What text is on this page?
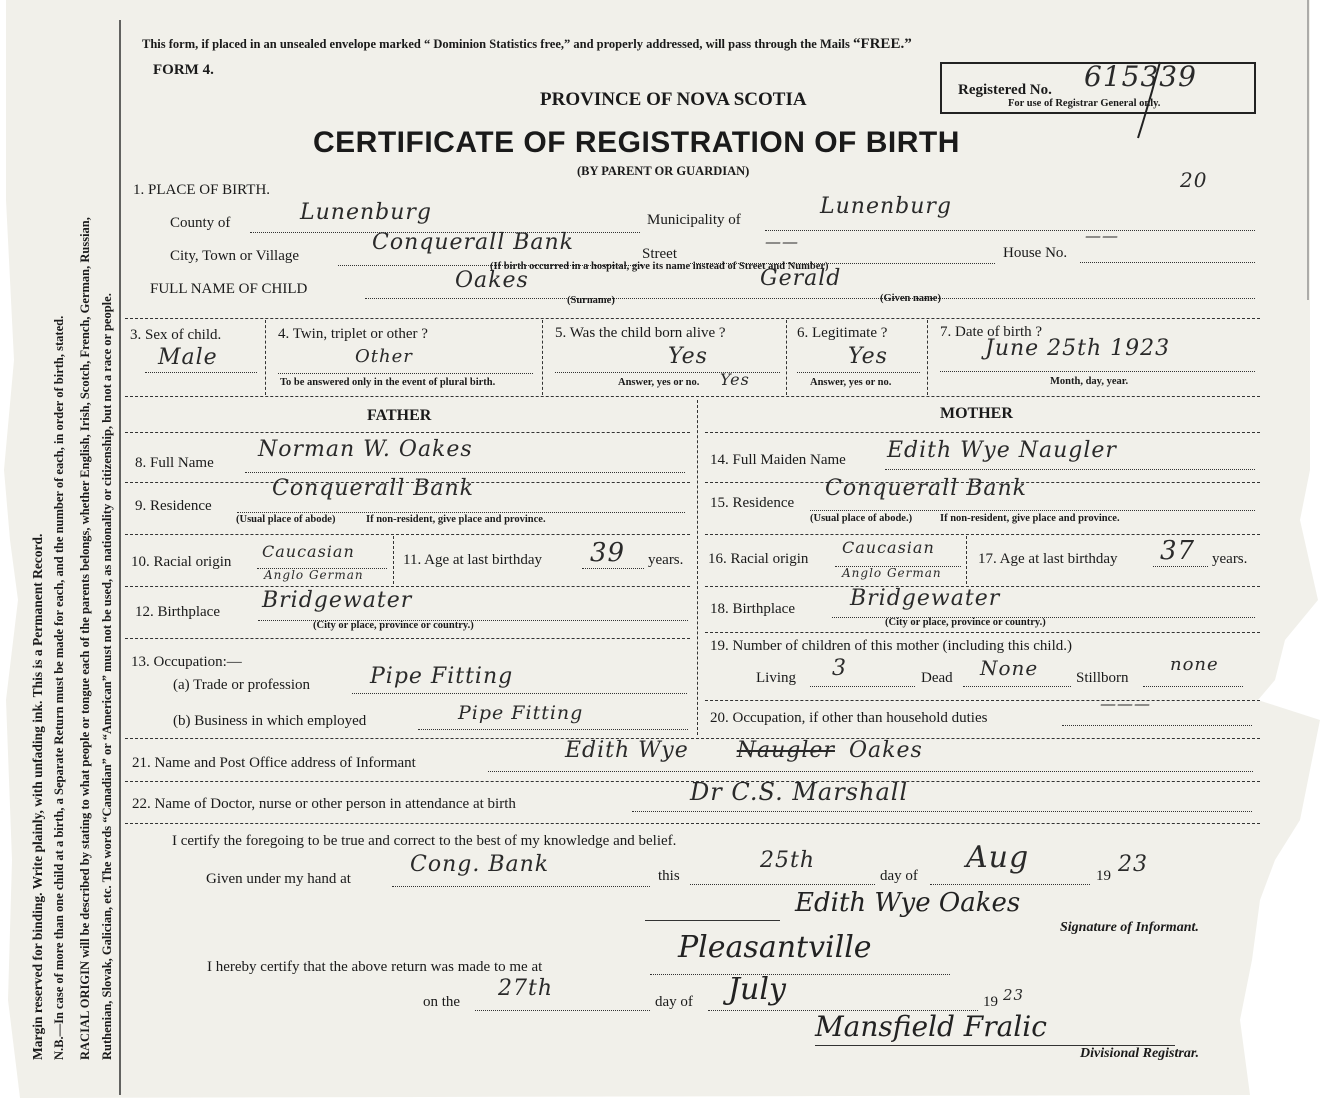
Margin reserved for binding. Write plainly, with unfading ink. This is a Permanent Record. N.B.—In case of more than one child at a birth, a Separate Return must be made for each, and the number of each, in order of birth, stated. RACIAL ORIGIN will be described by stating to what people or tongue each of the parents belongs, whether English, Irish, Scotch, French, German, Russian, Ruthenian, Slovak, Galician, etc. The words “Canadian” or “American” must not be used, as nationality or citizenship, but not a race or people.
This form, if placed in an unsealed envelope marked “ Dominion Statistics free,” and properly addressed, will pass through the Mails “FREE.”
FORM 4.
PROVINCE OF NOVA SCOTIA
CERTIFICATE OF REGISTRATION OF BIRTH
(BY PARENT OR GUARDIAN)
Registered No. 615339
For use of Registrar General only.
20
1. PLACE OF BIRTH.
County of	Lunenburg	Municipality of
Lunenburg
City, Town or Village
Conquerall Bank	Street
——
House No.
——
(If birth occurred in a hospital, give its name instead of Street and Number)
FULL NAME OF CHILD	Oakes	Gerald
(Surname)	(Given name)
3. Sex of child.
Male
4. Twin, triplet or other ?
Other
To be answered only in the event of plural birth.
5. Was the child born alive ?
Yes
Answer, yes or no. Yes
6. Legitimate ?
Yes
Answer, yes or no.
7. Date of birth ?
June 25th 1923
Month, day, year.
FATHER	MOTHER
8. Full Name
Norman W. Oakes
9. Residence
Conquerall Bank
(Usual place of abode)	If non-resident, give place and province.
10. Racial origin
Caucasian
Anglo German
11. Age at last birthday 39 years.
12. Birthplace Bridgewater
(City or place, province or country.)
13. Occupation:—
(a) Trade or profession	Pipe Fitting
(b) Business in which employed	Pipe Fitting
14. Full Maiden Name Edith Wye Naugler
15. Residence
Conquerall Bank
(Usual place of abode.)	If non-resident, give place and province.
16. Racial origin
Caucasian
Anglo German
17. Age at last birthday 37 years.
18. Birthplace	Bridgewater
(City or place, province or country.)
19. Number of children of this mother (including this child.)
Living 3	Dead None	Stillborn
none
20. Occupation, if other than household duties
———
21. Name and Post Office address of Informant	Edith Wye Naugler Oakes
22. Name of Doctor, nurse or other person in attendance at birth	Dr C.S. Marshall
I certify the foregoing to be true and correct to the best of my knowledge and belief.
Given under my hand at
Cong. Bank	this
25th
day of
Aug
19 23
Edith Wye Oakes
Signature of Informant.
I hereby certify that the above return was made to me at
Pleasantville
on the
27th
day of July	19 23
Mansfield Fralic
Divisional Registrar.
